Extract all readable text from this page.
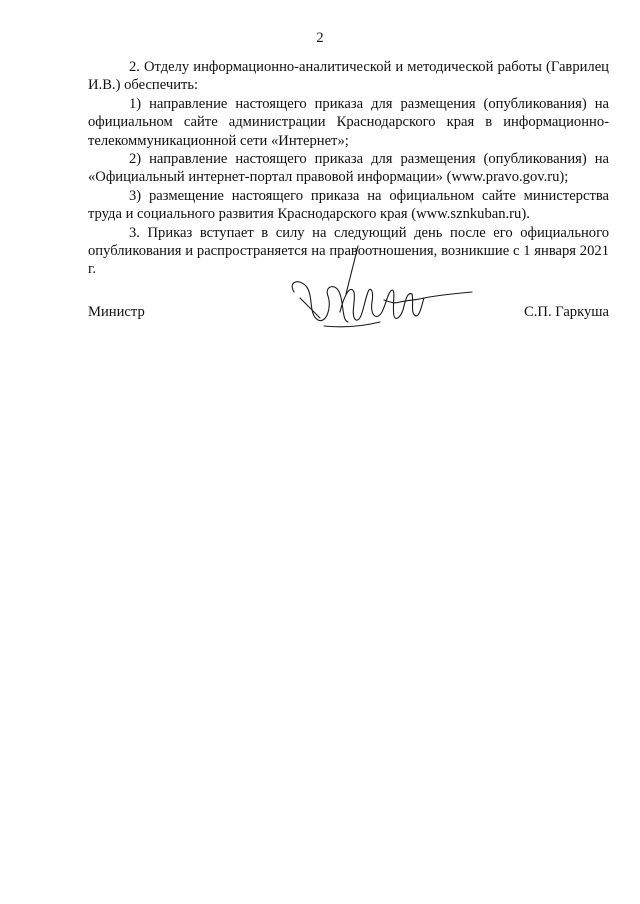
2

2. Отделу информационно-аналитической и методической работы (Гаврилец И.В.) обеспечить:

1) направление настоящего приказа для размещения (опубликования) на официальном сайте администрации Краснодарского края в информационно-телекоммуникационной сети «Интернет»;

2) направление настоящего приказа для размещения (опубликования) на «Официальный интернет-портал правовой информации» (www.pravo.gov.ru);

3) размещение настоящего приказа на официальном сайте министерства труда и социального развития Краснодарского края (www.sznkuban.ru).

3. Приказ вступает в силу на следующий день после его официального опубликования и распространяется на правоотношения, возникшие с 1 января 2021 г.

Министр	С.П. Гаркуша
